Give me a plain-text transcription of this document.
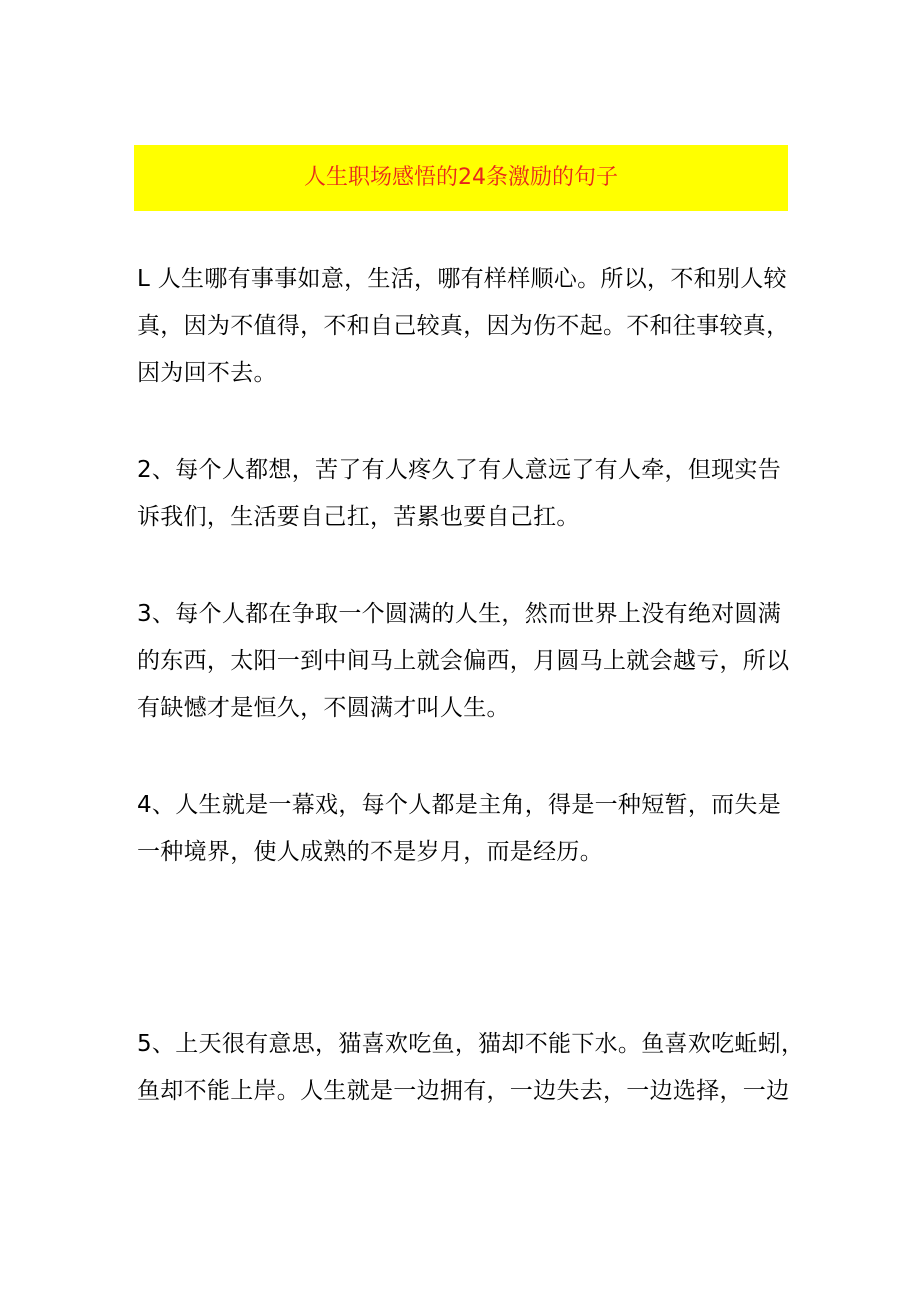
人生职场感悟的24条激励的句子

L 人生哪有事事如意，生活，哪有样样顺心。所以，不和别人较
真，因为不值得，不和自己较真，因为伤不起。不和往事较真，
因为回不去。

2、每个人都想，苦了有人疼久了有人意远了有人牵，但现实告
诉我们，生活要自己扛，苦累也要自己扛。

3、每个人都在争取一个圆满的人生，然而世界上没有绝对圆满
的东西，太阳一到中间马上就会偏西，月圆马上就会越亏，所以
有缺憾才是恒久，不圆满才叫人生。

4、人生就是一幕戏，每个人都是主角，得是一种短暂，而失是
一种境界，使人成熟的不是岁月，而是经历。

5、上天很有意思，猫喜欢吃鱼，猫却不能下水。鱼喜欢吃蚯蚓，
鱼却不能上岸。人生就是一边拥有，一边失去，一边选择，一边
